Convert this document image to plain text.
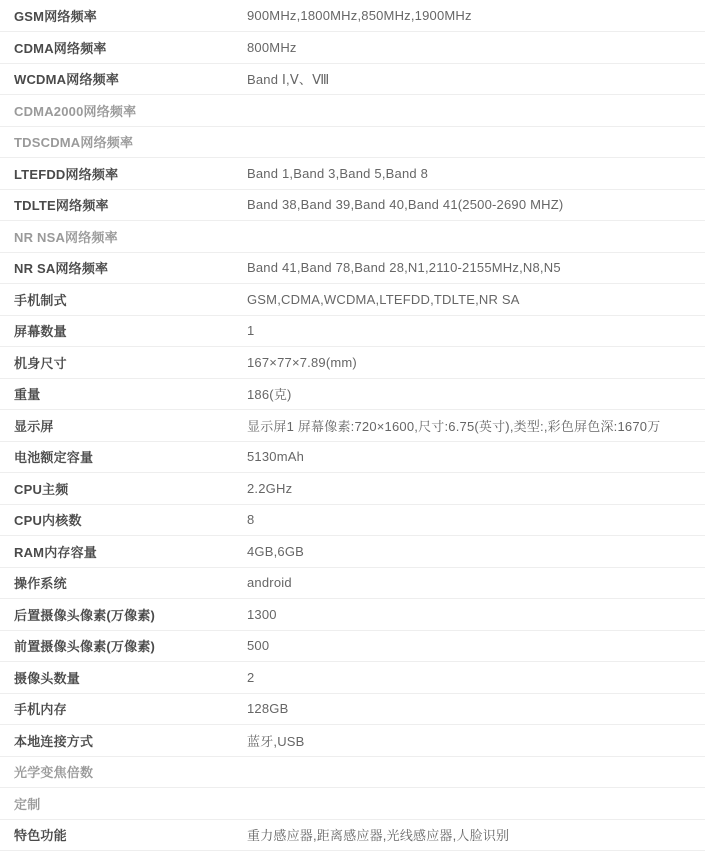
GSM网络频率	900MHz,1800MHz,850MHz,1900MHz
CDMA网络频率	800MHz
WCDMA网络频率	Band Ⅰ,Ⅴ、Ⅷ
CDMA2000网络频率	
TDSCDMA网络频率	
LTEFDD网络频率	Band 1,Band 3,Band 5,Band 8
TDLTE网络频率	Band 38,Band 39,Band 40,Band 41(2500-2690 MHZ)
NR NSA网络频率	
NR SA网络频率	Band 41,Band 78,Band 28,N1,2110-2155MHz,N8,N5
手机制式	GSM,CDMA,WCDMA,LTEFDD,TDLTE,NR SA
屏幕数量	1
机身尺寸	167×77×7.89(mm)
重量	186(克)
显示屏	显示屏1 屏幕像素:720×1600,尺寸:6.75(英寸),类型:,彩色屏色深:1670万
电池额定容量	5130mAh
CPU主频	2.2GHz
CPU内核数	8
RAM内存容量	4GB,6GB
操作系统	android
后置摄像头像素(万像素)	1300
前置摄像头像素(万像素)	500
摄像头数量	2
手机内存	128GB
本地连接方式	蓝牙,USB
光学变焦倍数	
定制	
特色功能	重力感应器,距离感应器,光线感应器,人脸识别
